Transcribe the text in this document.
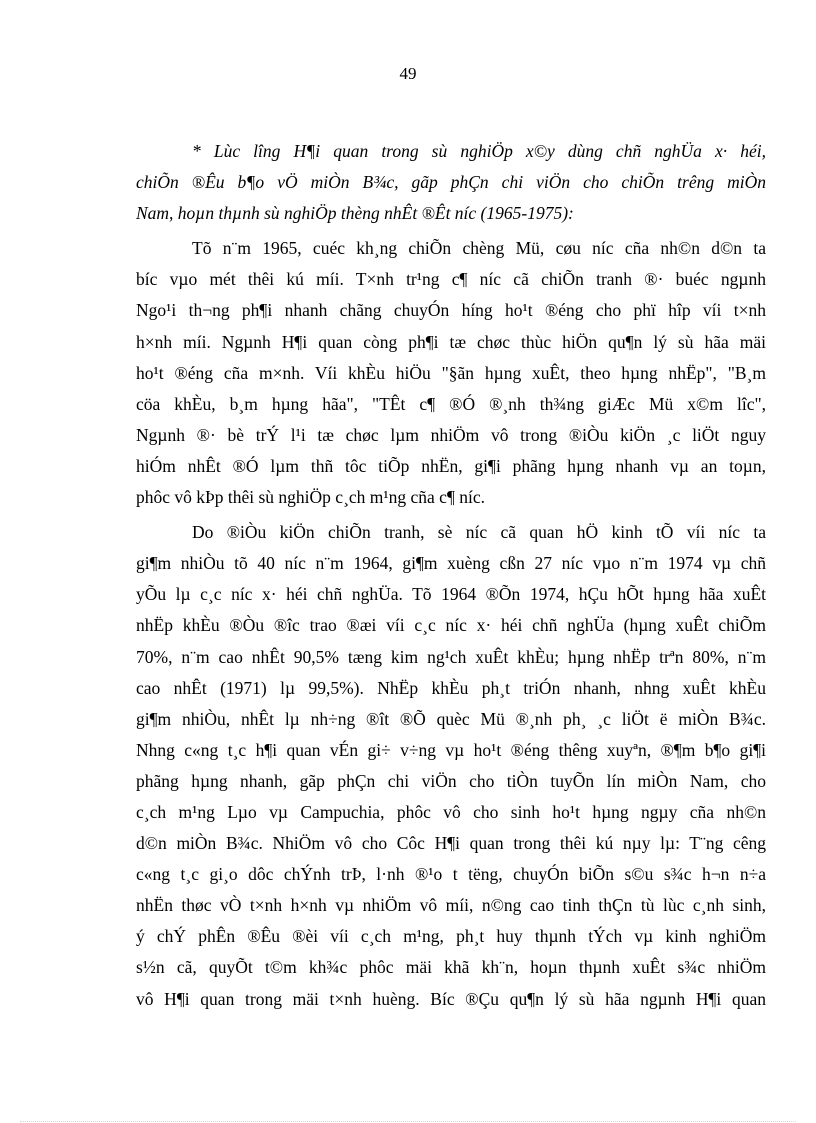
49
* Lùc lîng H¶i quan trong sù nghiÖp x©y dùng chñ nghÜa x· héi,
chiÕn ®Êu b¶o vÖ miÒn B¾c, gãp phÇn chi viÖn cho chiÕn trêng miÒn
Nam, hoµn thµnh sù nghiÖp thèng nhÊt ®Êt níc (1965-1975):
Tõ n¨m 1965, cuéc kh¸ng chiÕn chèng Mü, cøu níc cña nh©n d©n ta
bíc vµo mét thêi kú míi. T×nh tr¹ng c¶ níc cã chiÕn tranh ®· buéc ngµnh
Ngo¹i th¬ng ph¶i nhanh chãng chuyÓn híng ho¹t ®éng cho phï hîp víi t×nh
h×nh míi. Ngµnh H¶i quan còng ph¶i tæ chøc thùc hiÖn qu¶n lý sù hãa mäi
ho¹t ®éng cña m×nh. Víi khÈu hiÖu "§ãn hµng xuÊt, theo hµng nhËp", "B¸m
cöa khÈu, b¸m hµng hãa", "TÊt c¶ ®Ó ®¸nh th¾ng giÆc Mü x©m lîc",
Ngµnh ®· bè trÝ l¹i tæ chøc lµm nhiÖm vô trong ®iÒu kiÖn ¸c liÖt nguy
hiÓm nhÊt ®Ó lµm thñ tôc tiÕp nhËn, gi¶i phãng hµng nhanh vµ an toµn,
phôc vô kÞp thêi sù nghiÖp c¸ch m¹ng cña c¶ níc.
Do ®iÒu kiÖn chiÕn tranh, sè níc cã quan hÖ kinh tÕ víi níc ta
gi¶m nhiÒu tõ 40 níc n¨m 1964, gi¶m xuèng cßn 27 níc vµo n¨m 1974 vµ chñ
yÕu lµ c¸c níc x· héi chñ nghÜa. Tõ 1964 ®Õn 1974, hÇu hÕt hµng hãa xuÊt
nhËp khÈu ®Òu ®îc trao ®æi víi c¸c níc x· héi chñ nghÜa (hµng xuÊt chiÕm
70%, n¨m cao nhÊt 90,5% tæng kim ng¹ch xuÊt khÈu; hµng nhËp trªn 80%, n¨m
cao nhÊt (1971) lµ 99,5%). NhËp khÈu ph¸t triÓn nhanh, nhng xuÊt khÈu
gi¶m nhiÒu, nhÊt lµ nh÷ng ®ît ®Õ quèc Mü ®¸nh ph¸ ¸c liÖt ë miÒn B¾c.
Nhng c«ng t¸c h¶i quan vÉn gi÷ v÷ng vµ ho¹t ®éng thêng xuyªn, ®¶m b¶o gi¶i
phãng hµng nhanh, gãp phÇn chi viÖn cho tiÒn tuyÕn lín miÒn Nam, cho
c¸ch m¹ng Lµo vµ Campuchia, phôc vô cho sinh ho¹t hµng ngµy cña nh©n
d©n miÒn B¾c. NhiÖm vô cho Côc H¶i quan trong thêi kú nµy lµ: T¨ng cêng
c«ng t¸c gi¸o dôc chÝnh trÞ, l·nh ®¹o t tëng, chuyÓn biÕn s©u s¾c h¬n n÷a
nhËn thøc vÒ t×nh h×nh vµ nhiÖm vô míi, n©ng cao tinh thÇn tù lùc c¸nh sinh,
ý chÝ phÊn ®Êu ®èi víi c¸ch m¹ng, ph¸t huy thµnh tÝch vµ kinh nghiÖm
s½n cã, quyÕt t©m kh¾c phôc mäi khã kh¨n, hoµn thµnh xuÊt s¾c nhiÖm
vô H¶i quan trong mäi t×nh huèng. Bíc ®Çu qu¶n lý sù hãa ngµnh H¶i quan
